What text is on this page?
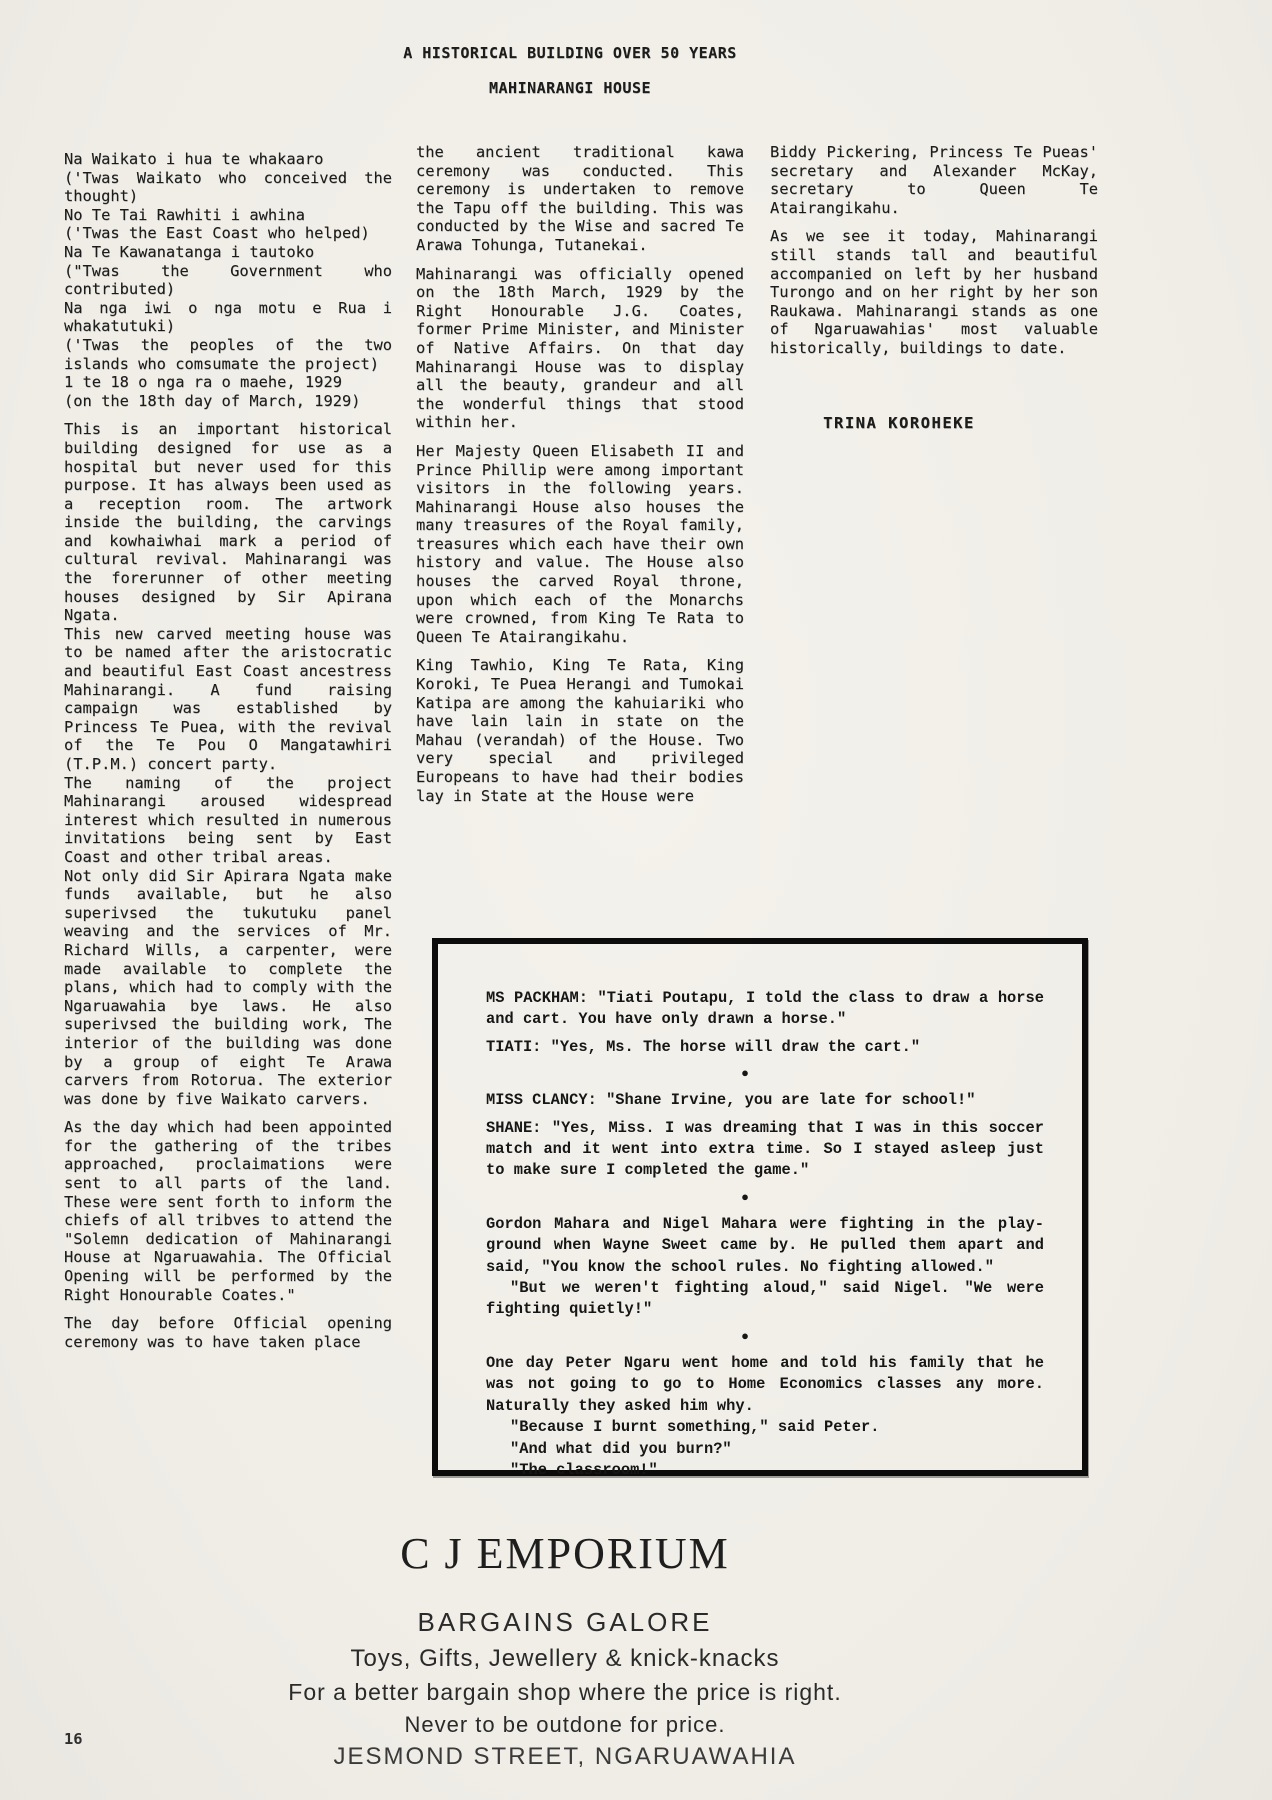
A HISTORICAL BUILDING OVER 50 YEARS
MAHINARANGI HOUSE
Na Waikato i hua te whakaaro
('Twas Waikato who conceived the thought)
No Te Tai Rawhiti i awhina
('Twas the East Coast who helped)
Na Te Kawanatanga i tautoko
("Twas the Government who contributed)
Na nga iwi o nga motu e Rua i whakatutuki)
('Twas the peoples of the two islands who comsumate the project)
1 te 18 o nga ra o maehe, 1929
(on the 18th day of March, 1929)

This is an important historical building designed for use as a hospital but never used for this purpose. It has always been used as a reception room. The artwork inside the building, the carvings and kowhaiwhai mark a period of cultural revival. Mahinarangi was the forerunner of other meeting houses designed by Sir Apirana Ngata.

This new carved meeting house was to be named after the aristocratic and beautiful East Coast ancestress Mahinarangi. A fund raising campaign was established by Princess Te Puea, with the revival of the Te Pou O Mangatawhiri (T.P.M.) concert party.

The naming of the project Mahinarangi aroused widespread interest which resulted in numerous invitations being sent by East Coast and other tribal areas.

Not only did Sir Apirara Ngata make funds available, but he also superivsed the tukutuku panel weaving and the services of Mr. Richard Wills, a carpenter, were made available to complete the plans, which had to comply with the Ngaruawahia bye laws. He also superivsed the building work, The interior of the building was done by a group of eight Te Arawa carvers from Rotorua. The exterior was done by five Waikato carvers.

As the day which had been appointed for the gathering of the tribes approached, proclaimations were sent to all parts of the land. These were sent forth to inform the chiefs of all tribves to attend the "Solemn dedication of Mahinarangi House at Ngaruawahia. The Official Opening will be performed by the Right Honourable Coates."

The day before Official opening ceremony was to have taken place

the ancient traditional kawa ceremony was conducted. This ceremony is undertaken to remove the Tapu off the building. This was conducted by the Wise and sacred Te Arawa Tohunga, Tutanekai.

Mahinarangi was officially opened on the 18th March, 1929 by the Right Honourable J.G. Coates, former Prime Minister, and Minister of Native Affairs. On that day Mahinarangi House was to display all the beauty, grandeur and all the wonderful things that stood within her.

Her Majesty Queen Elisabeth II and Prince Phillip were among important visitors in the following years. Mahinarangi House also houses the many treasures of the Royal family, treasures which each have their own history and value. The House also houses the carved Royal throne, upon which each of the Monarchs were crowned, from King Te Rata to Queen Te Atairangikahu.

King Tawhio, King Te Rata, King Koroki, Te Puea Herangi and Tumokai Katipa are among the kahuiariki who have lain lain in state on the Mahau (verandah) of the House. Two very special and privileged Europeans to have had their bodies lay in State at the House were

Biddy Pickering, Princess Te Pueas' secretary and Alexander McKay, secretary to Queen Te Atairangikahu.

As we see it today, Mahinarangi still stands tall and beautiful accompanied on left by her husband Turongo and on her right by her son Raukawa. Mahinarangi stands as one of Ngaruawahias' most valuable historically, buildings to date.

TRINA KOROHEKE

MS PACKHAM: "Tiati Poutapu, I told the class to draw a horse and cart. You have only drawn a horse."

TIATI: "Yes, Ms. The horse will draw the cart."

●

MISS CLANCY: "Shane Irvine, you are late for school!"

SHANE: "Yes, Miss. I was dreaming that I was in this soccer match and it went into extra time. So I stayed asleep just to make sure I completed the game."

●

Gordon Mahara and Nigel Mahara were fighting in the play-ground when Wayne Sweet came by. He pulled them apart and said, "You know the school rules. No fighting allowed."

"But we weren't fighting aloud," said Nigel. "We were fighting quietly!"

●

One day Peter Ngaru went home and told his family that he was not going to go to Home Economics classes any more. Naturally they asked him why.

"Because I burnt something," said Peter.

"And what did you burn?"

"The classroom!"

C J EMPORIUM
BARGAINS GALORE
Toys, Gifts, Jewellery & knick-knacks
For a better bargain shop where the price is right.
Never to be outdone for price.
JESMOND STREET, NGARUAWAHIA
16
